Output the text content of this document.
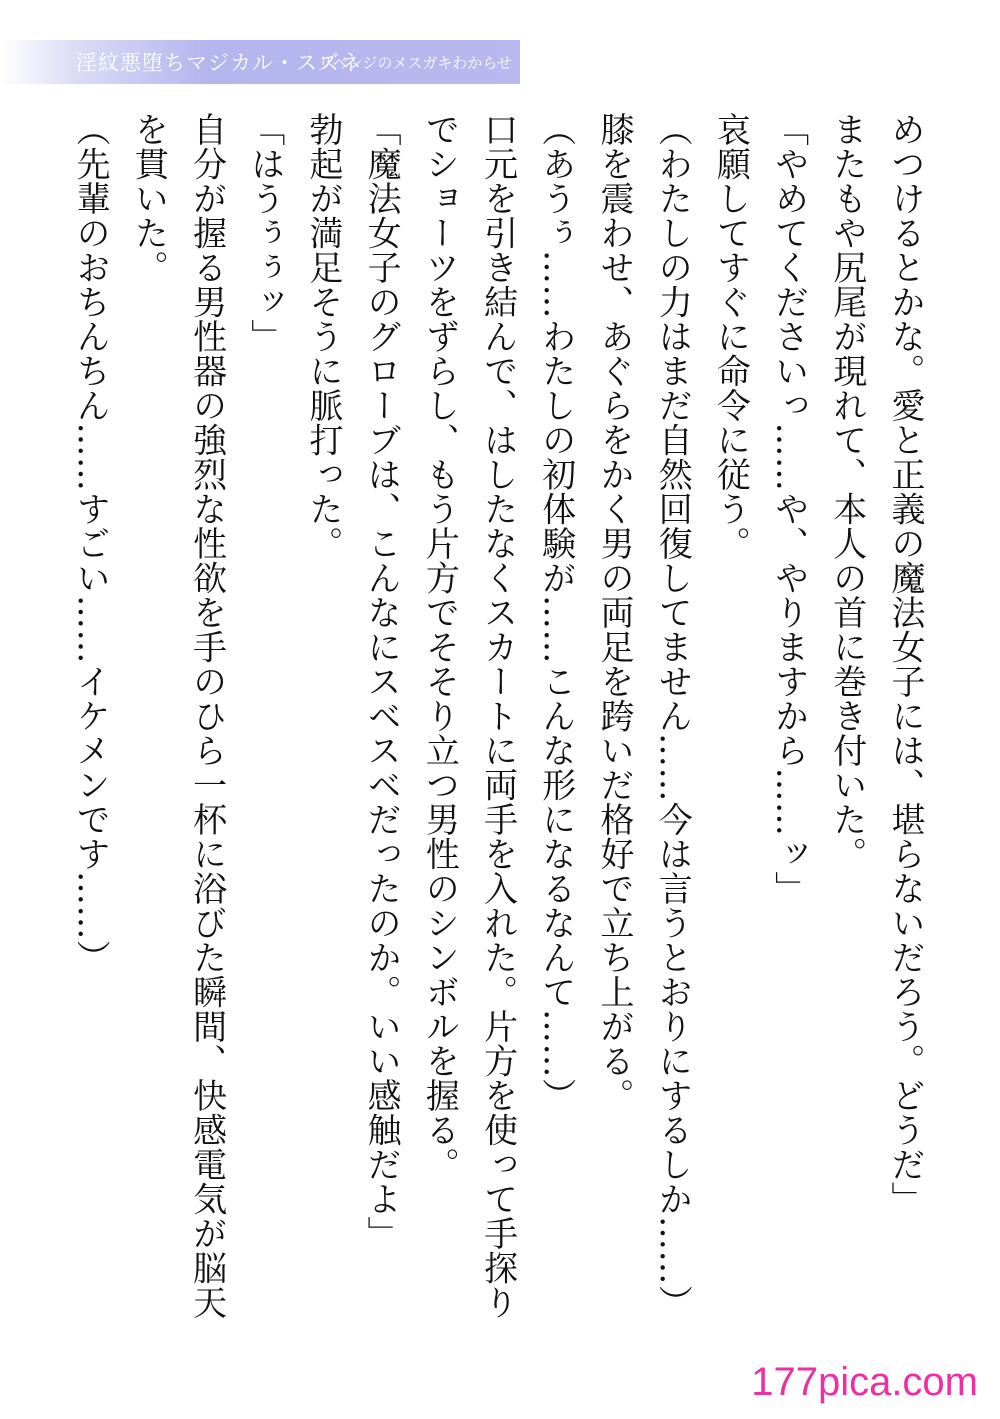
淫紋悪堕ちマジカル・スズネ
リベンジのメスガキわからせ
めつけるとかな。愛と正義の魔法女子には、堪らないだろう。どうだ」
またもや尻尾が現れて、本人の首に巻き付いた。
「やめてくださいっ……や、やりますから……ッ」
哀願してすぐに命令に従う。
（わたしの力はまだ自然回復してません……今は言うとおりにするしか……）
膝を震わせ、あぐらをかく男の両足を跨いだ格好で立ち上がる。
（あうぅ……わたしの初体験が……こんな形になるなんて……）
口元を引き結んで、はしたなくスカートに両手を入れた。片方を使って手探り
でショーツをずらし、もう片方でそそり立つ男性のシンボルを握る。
「魔法女子のグローブは、こんなにスベスベだったのか。いい感触だよ」
勃起が満足そうに脈打った。
「はうぅぅッ」
自分が握る男性器の強烈な性欲を手のひら一杯に浴びた瞬間、快感電気が脳天
を貫いた。
（先輩のおちんちん……すごい……イケメンです……）
177pica.com
